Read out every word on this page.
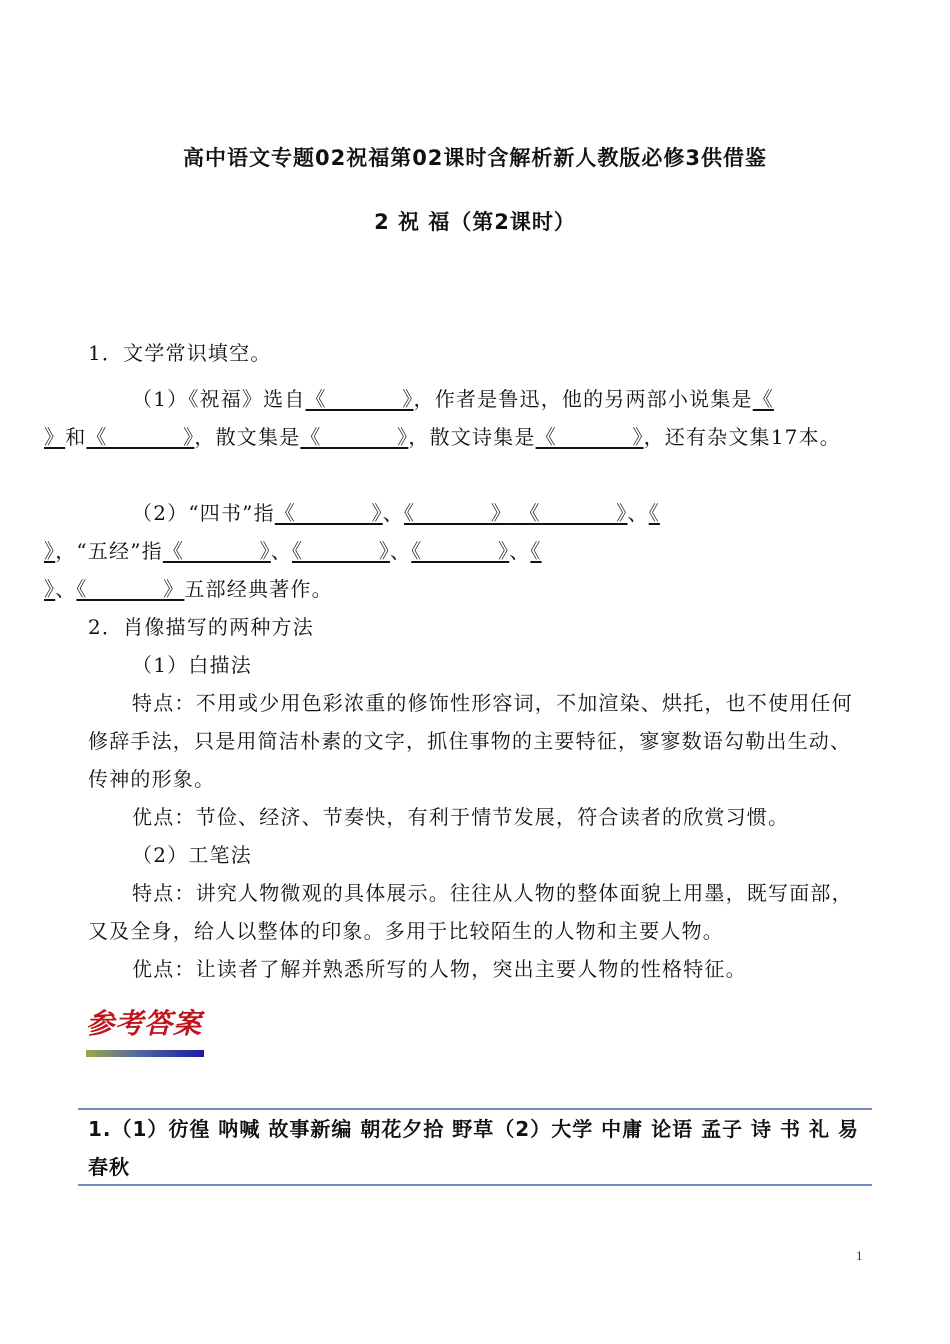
高中语文专题02祝福第02课时含解析新人教版必修3供借鉴
2 祝 福（第2课时）

1．文学常识填空。

（1）《祝福》选自《          》，作者是鲁迅，他的另两部小说集是《
》和《          》，散文集是《          》，散文诗集是《          》，还有杂文集17本。

（2）“四书”指《          》、《          》 《          》、《
》，“五经”指《          》、《          》、《          》、《
》、《          》五部经典著作。

2．肖像描写的两种方法

（1）白描法

特点：不用或少用色彩浓重的修饰性形容词，不加渲染、烘托，也不使用任何修辞手法，只是用简洁朴素的文字，抓住事物的主要特征，寥寥数语勾勒出生动、传神的形象。

优点：节俭、经济、节奏快，有利于情节发展，符合读者的欣赏习惯。

（2）工笔法

特点：讲究人物微观的具体展示。往往从人物的整体面貌上用墨，既写面部，又及全身，给人以整体的印象。多用于比较陌生的人物和主要人物。

优点：让读者了解并熟悉所写的人物，突出主要人物的性格特征。

参考答案

1.（1）彷徨 呐喊 故事新编 朝花夕拾 野草（2）大学 中庸 论语 孟子 诗 书 礼 易 春秋

1
